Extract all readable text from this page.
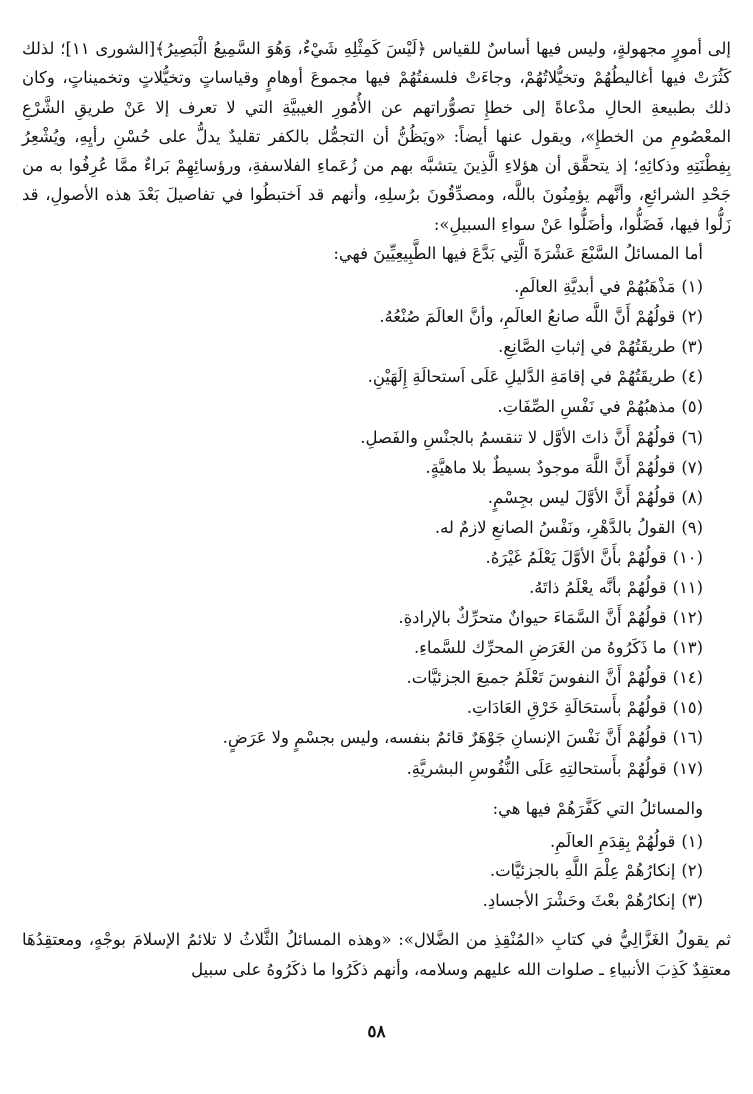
إلى أمورٍ مجهولةٍ، وليس فيها أساسٌ للقياس ﴿لَيْسَ كَمِثْلِهِ شَيْءٌ، وَهُوَ السَّمِيعُ الْبَصِيرُ﴾[الشورى ١١]؛ لذلك كَثُرَتْ فيها أغاليطُهُمْ وتخيُّلاتُهُمْ، وجاءَتْ فلسفتُهُمْ فيها مجموعَ أوهامٍ وقياساتٍ وتخيُّلاتٍ وتخميناتٍ، وكان ذلك بطبيعةِ الحالِ مدْعاةً إلى خطإِ تصوُّراتهم عن الأُمُورِ الغيبيَّةِ التي لا تعرف إلا عَنْ طريقِ الشَّرْعِ المعْصُومِ من الخطإِ»، ويقول عنها أيضاً: «ويَظُنُّ أن التجمُّل بالكفر تقليدٌ يدلُّ على حُسْنِ رأيِهِ، ويُشْعِرُ بِفِطْنَتِهِ وذكائِهِ؛ إذ يتحقَّق أن هؤلاءِ الَّذِينَ يتشبَّه بهم من زُعَماءِ الفلاسفةِ، ورؤسائِهِمْ بَراءٌ ممَّا عُرِفُوا به من جَحْدِ الشرائعِ، وأنَّهم يؤمِنُونَ باللَّه، ومصدِّقُونَ برُسلِهِ، وأنهم قد اَختبطُوا في تفاصيلَ بَعْدَ هذه الأصولِ، قد زَلُّوا فيها، فَضَلُّوا، وأضَلُّوا عَنْ سواءِ السبيلِ»:

أما المسائلُ السَّبْعَ عَشْرَةَ الَّتِي بَدَّعَ فيها الطَّبِيعِيِّينَ فهي:

(١)مَذْهَبُهُمْ في أبديَّةِ العالَمِ.
(٢)قولُهُمْ أَنَّ اللَّه صانعُ العالَمِ، وأنَّ العالَمَ صُنْعُهُ.
(٣)طريقَتُهُمْ في إثباتِ الصَّانِعِ.
(٤)طريقَتُهُمْ في إقامَةِ الدَّليلِ عَلَى اَستحالَةِ إِلَهَيْنِ.
(٥)مذهبُهُمْ في نَفْسِ الصِّفَاتِ.
(٦)قولُهُمْ أَنَّ ذاتَ الأوَّل لا تنقسمُ بالجنْسِ والفَصلِ.
(٧)قولُهُمْ أَنَّ اللَّهَ موجودٌ بسيطٌ بلا ماهيَّةٍ.
(٨)قولُهُمْ أَنَّ الأوَّلَ ليس بجِسْمٍ.
(٩)القولُ بالدَّهْرِ، ونَفْسُ الصانعِ لازمٌ له.
(١٠)قولُهُمْ بأَنَّ الأوَّلَ يَعْلَمُ غَيْرَهُ.
(١١)قولُهُمْ بأنَّه يعْلَمُ ذاتَهُ.
(١٢)قولُهُمْ أَنَّ السَّمَاءَ حيوانٌ متحرِّكٌ بالإرادةِ.
(١٣)ما ذَكَرُوهُ من الغَرَضِ المحرِّك للسَّماءِ.
(١٤)قولُهُمْ أَنَّ النفوسَ تَعْلَمُ جميعَ الجزئيَّات.
(١٥)قولُهُمْ بأَستحَالَةِ خَرْقِ العَادَاتِ.
(١٦)قولُهُمْ أَنَّ نَفْسَ الإنسانِ جَوْهَرٌ قائمٌ بنفسه، وليس بجسْمٍ ولا عَرَضٍ.
(١٧)قولُهُمْ بأَستحالتِهِ عَلَى النُّفُوسِ البشريَّةِ.

والمسائلُ التي كَفَّرَهُمْ فيها هي:

(١)قولُهُمْ بِقِدَمِ العالَمِ.
(٢)إنكارُهُمْ عِلْمَ اللَّهِ بالجزئيَّات.
(٣)إنكارُهُمْ بعْثَ وحَشْرَ الأجسادِ.

ثم يقولُ الغَزَّالِيُّ في كتابِ «المُنْقِذِ من الضَّلال»: «وهذه المسائلُ الثَّلاثُ لا تلائمُ الإسلامَ بوجْهٍ، ومعتقِدُهَا معتقِدٌ كَذِبَ الأنبياءِ ـ صلوات الله عليهم وسلامه، وأنهم ذكَرُوا ما ذكَرُوهُ على سبيل

٥٨
